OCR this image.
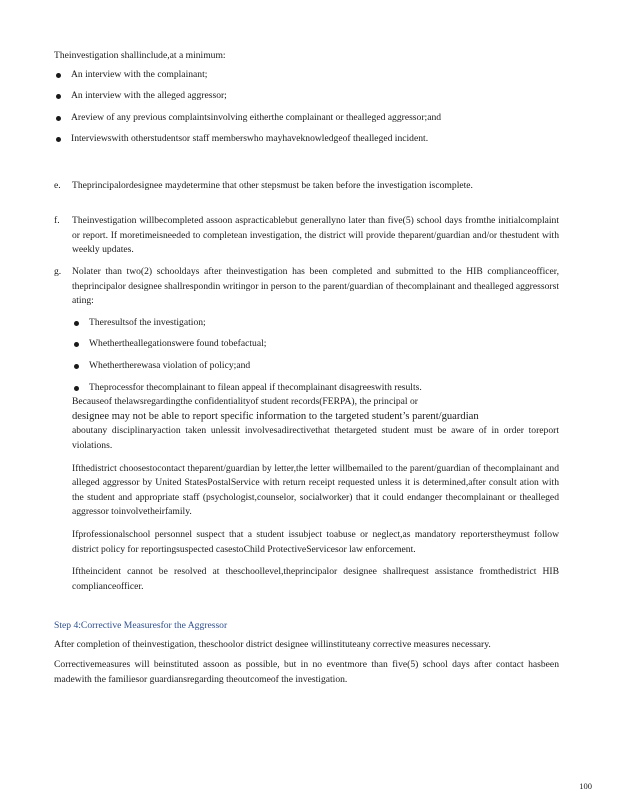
Theinvestigation shallinclude,at a minimum:

An interview with the complainant;
An interview with the alleged aggressor;
Areview of any previous complaintsinvolving eitherthe complainant or thealleged aggressor;and
Interviewswith otherstudentsor staff memberswho mayhaveknowledgeof thealleged incident.
e.	Theprincipalordesignee maydetermine that other stepsmust be taken before the investigation iscomplete.

f.	Theinvestigation willbecompleted assoon aspracticablebut generallyno later than five(5) school days fromthe initialcomplaint or report. If moretimeisneeded to completean investigation, the district will provide theparent/guardian and/or thestudent with weekly updates.

g.	Nolater than two(2) schooldays after theinvestigation has been completed and submitted to the HIB complianceofficer, theprincipalor designee shallrespondin writingor in person to the parent/guardian of thecomplainant and thealleged aggressorst ating:

Theresultsof the investigation;
Whethertheallegationswere found tobefactual;
Whethertherewasa violation of policy;and
Theprocessfor thecomplainant to filean appeal if thecomplainant disagreeswith results.

Becauseof thelawsregardingthe confidentialityof student records(FERPA), the principal or

designee may not be able to report specific information to the targeted student’s parent/guardian

aboutany disciplinaryaction taken unlessit involvesadirectivethat thetargeted student must be aware of in order toreport violations.

Ifthedistrict choosestocontact theparent/guardian by letter,the letter willbemailed to the parent/guardian of thecomplainant and alleged aggressor by United StatesPostalService with return receipt requested unless it is determined,after consult ation with the student and appropriate staff (psychologist,counselor, socialworker) that it could endanger thecomplainant or thealleged aggressor toinvolvetheirfamily.

Ifprofessionalschool personnel suspect that a student issubject toabuse or neglect,as mandatory reporterstheymust follow district policy for reportingsuspected casestoChild ProtectiveServicesor law enforcement.

Iftheincident cannot be resolved at theschoollevel,theprincipalor designee shallrequest assistance fromthedistrict HIB complianceofficer.

Step 4:Corrective Measuresfor the Aggressor

After completion of theinvestigation, theschoolor district designee willinstituteany corrective measures necessary.

Correctivemeasures will beinstituted assoon as possible, but in no eventmore than five(5) school days after contact hasbeen madewith the familiesor guardiansregarding theoutcomeof the investigation.

100
